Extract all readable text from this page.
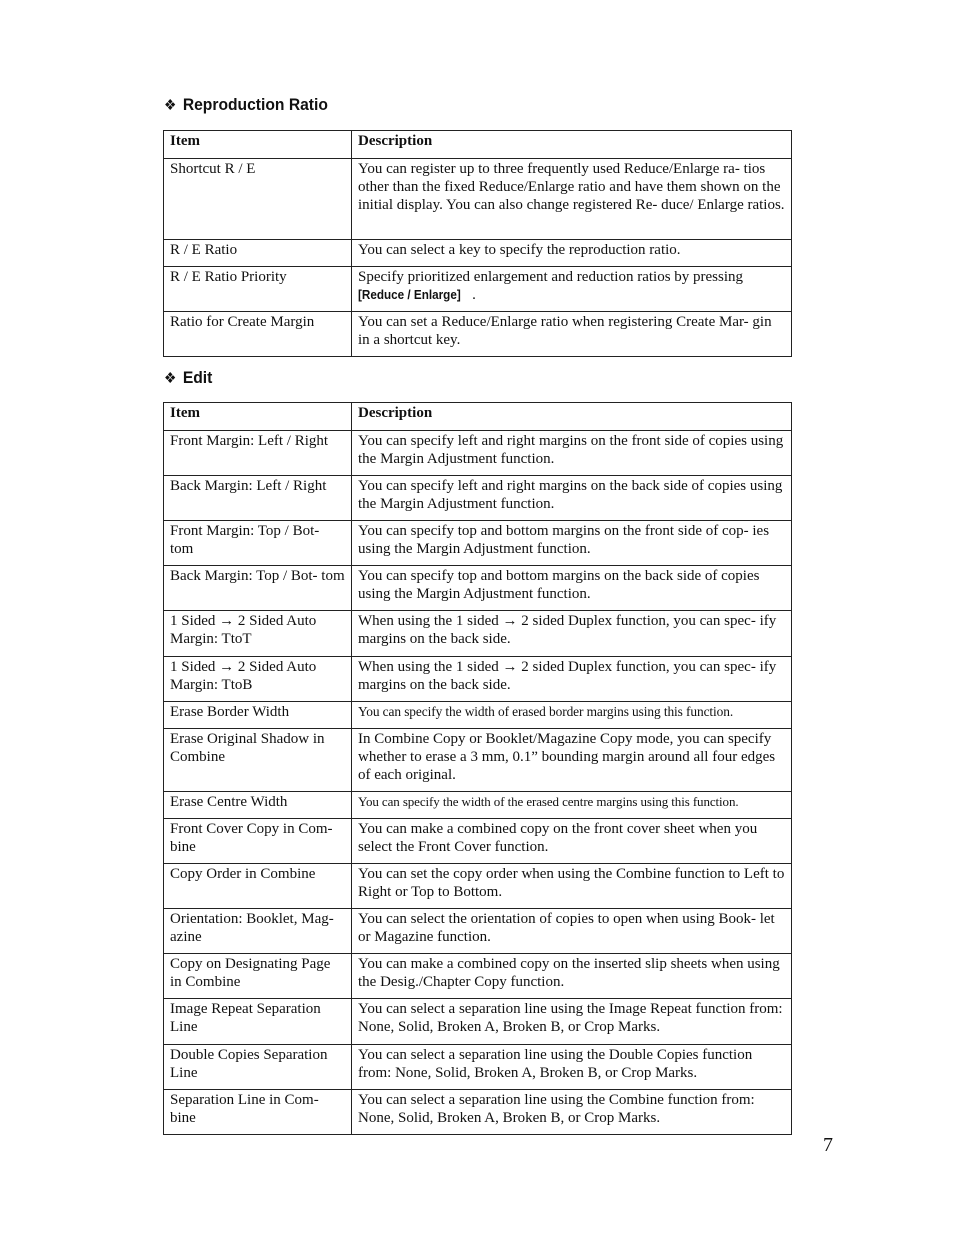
❖ Reproduction Ratio
Item	Description
Shortcut R / E	You can register up to three frequently used Reduce/Enlarge ra- tios other than the fixed Reduce/Enlarge ratio and have them shown on the initial display. You can also change registered Re- duce/ Enlarge ratios.
R / E Ratio	You can select a key to specify the reproduction ratio.
R / E Ratio Priority	Specify prioritized enlargement and reduction ratios by pressing [Reduce / Enlarge] .
Ratio for Create Margin	You can set a Reduce/Enlarge ratio when registering Create Mar- gin in a shortcut key.
❖ Edit
Item	Description
Front Margin: Left / Right	You can specify left and right margins on the front side of copies using the Margin Adjustment function.
Back Margin: Left / Right	You can specify left and right margins on the back side of copies using the Margin Adjustment function.
Front Margin: Top / Bot- tom	You can specify top and bottom margins on the front side of cop- ies using the Margin Adjustment function.
Back Margin: Top / Bot- tom	You can specify top and bottom margins on the back side of copies using the Margin Adjustment function.
1 Sided → 2 Sided Auto Margin: TtoT	When using the 1 sided → 2 sided Duplex function, you can spec- ify margins on the back side.
1 Sided → 2 Sided Auto Margin: TtoB	When using the 1 sided → 2 sided Duplex function, you can spec- ify margins on the back side.
Erase Border Width	You can specify the width of erased border margins using this function.
Erase Original Shadow in Combine	In Combine Copy or Booklet/Magazine Copy mode, you can specify whether to erase a 3 mm, 0.1” bounding margin around all four edges of each original.
Erase Centre Width	You can specify the width of the erased centre margins using this function.
Front Cover Copy in Com- bine	You can make a combined copy on the front cover sheet when you select the Front Cover function.
Copy Order in Combine	You can set the copy order when using the Combine function to Left to Right or Top to Bottom.
Orientation: Booklet, Mag- azine	You can select the orientation of copies to open when using Book- let or Magazine function.
Copy on Designating Page in Combine	You can make a combined copy on the inserted slip sheets when using the Desig./Chapter Copy function.
Image Repeat Separation Line	You can select a separation line using the Image Repeat function from: None, Solid, Broken A, Broken B, or Crop Marks.
Double Copies Separation Line	You can select a separation line using the Double Copies function from: None, Solid, Broken A, Broken B, or Crop Marks.
Separation Line in Com- bine	You can select a separation line using the Combine function from: None, Solid, Broken A, Broken B, or Crop Marks.
7
